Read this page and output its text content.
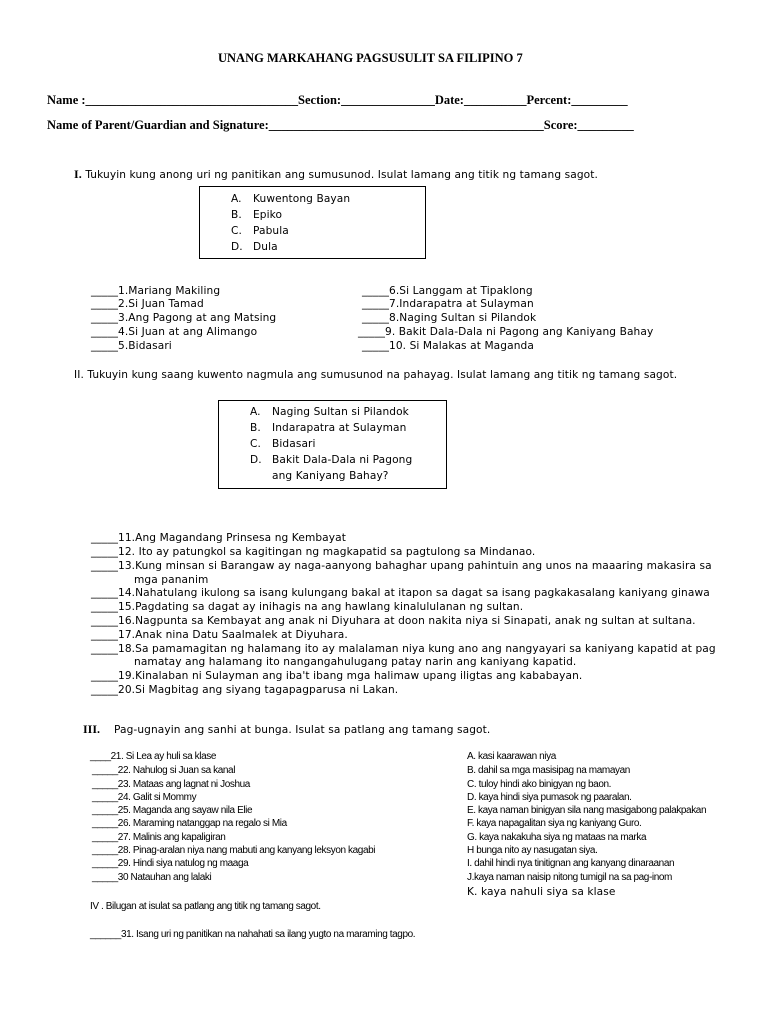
UNANG MARKAHANG PAGSUSULIT SA FILIPINO 7
Name :__________________________________Section:_______________Date:__________Percent:_________
Name of Parent/Guardian and Signature:____________________________________________Score:_________
I. Tukuyin kung anong uri ng panitikan ang sumusunod. Isulat lamang ang titik ng tamang sagot.
A. Kuwentong Bayan
B. Epiko
C. Pabula
D. Dula
_____1.Mariang Makiling
_____2.Si Juan Tamad
_____3.Ang Pagong at ang Matsing
_____4.Si Juan at ang Alimango
_____5.Bidasari
_____6.Si Langgam at Tipaklong
_____7.Indarapatra at Sulayman
_____8.Naging Sultan si Pilandok
_____9. Bakit Dala-Dala ni Pagong ang Kaniyang Bahay
_____10. Si Malakas at Maganda
II. Tukuyin kung saang kuwento nagmula ang sumusunod na pahayag. Isulat lamang ang titik ng tamang sagot.
A. Naging Sultan si Pilandok
B. Indarapatra at Sulayman
C. Bidasari
D. Bakit Dala-Dala ni Pagong
ang Kaniyang Bahay?
_____11.Ang Magandang Prinsesa ng Kembayat
_____12. Ito ay patungkol sa kagitingan ng magkapatid sa pagtulong sa Mindanao.
_____13.Kung minsan si Barangaw ay naga-aanyong bahaghar upang pahintuin ang unos na maaaring makasira sa
mga pananim
_____14.Nahatulang ikulong sa isang kulungang bakal at itapon sa dagat sa isang pagkakasalang kaniyang ginawa
_____15.Pagdating sa dagat ay inihagis na ang hawlang kinalululanan ng sultan.
_____16.Nagpunta sa Kembayat ang anak ni Diyuhara at doon nakita niya si Sinapati, anak ng sultan at sultana.
_____17.Anak nina Datu Saalmalek at Diyuhara.
_____18.Sa pamamagitan ng halamang ito ay malalaman niya kung ano ang nangyayari sa kaniyang kapatid at pag
namatay ang halamang ito nangangahulugang patay narin ang kaniyang kapatid.
_____19.Kinalaban ni Sulayman ang iba't ibang mga halimaw upang iligtas ang kababayan.
_____20.Si Magbitag ang siyang tagapagparusa ni Lakan.
III. Pag-ugnayin ang sanhi at bunga. Isulat sa patlang ang tamang sagot.
____21. Si Lea ay huli sa klase
_____22. Nahulog si Juan sa kanal
_____23. Mataas ang lagnat ni Joshua
_____24. Galit si Mommy
_____25. Maganda ang sayaw nila Elie
_____26. Maraming natanggap na regalo si Mia
_____27. Malinis ang kapaligiran
_____28. Pinag-aralan niya nang mabuti ang kanyang leksyon kagabi
_____29. Hindi siya natulog ng maaga
_____30 Natauhan ang lalaki
A. kasi kaarawan niya
B. dahil sa mga masisipag na mamayan
C. tuloy hindi ako binigyan ng baon.
D. kaya hindi siya pumasok ng paaralan.
E. kaya naman binigyan sila nang masigabong palakpakan
F. kaya napagalitan siya ng kaniyang Guro.
G. kaya nakakuha siya ng mataas na marka
H bunga nito ay nasugatan siya.
I. dahil hindi nya tinitignan ang kanyang dinaraanan
J.kaya naman naisip nitong tumigil na sa pag-inom
K. kaya nahuli siya sa klase
IV . Bilugan at isulat sa patlang ang titik ng tamang sagot.
______31. Isang uri ng panitikan na nahahati sa ilang yugto na maraming tagpo.
